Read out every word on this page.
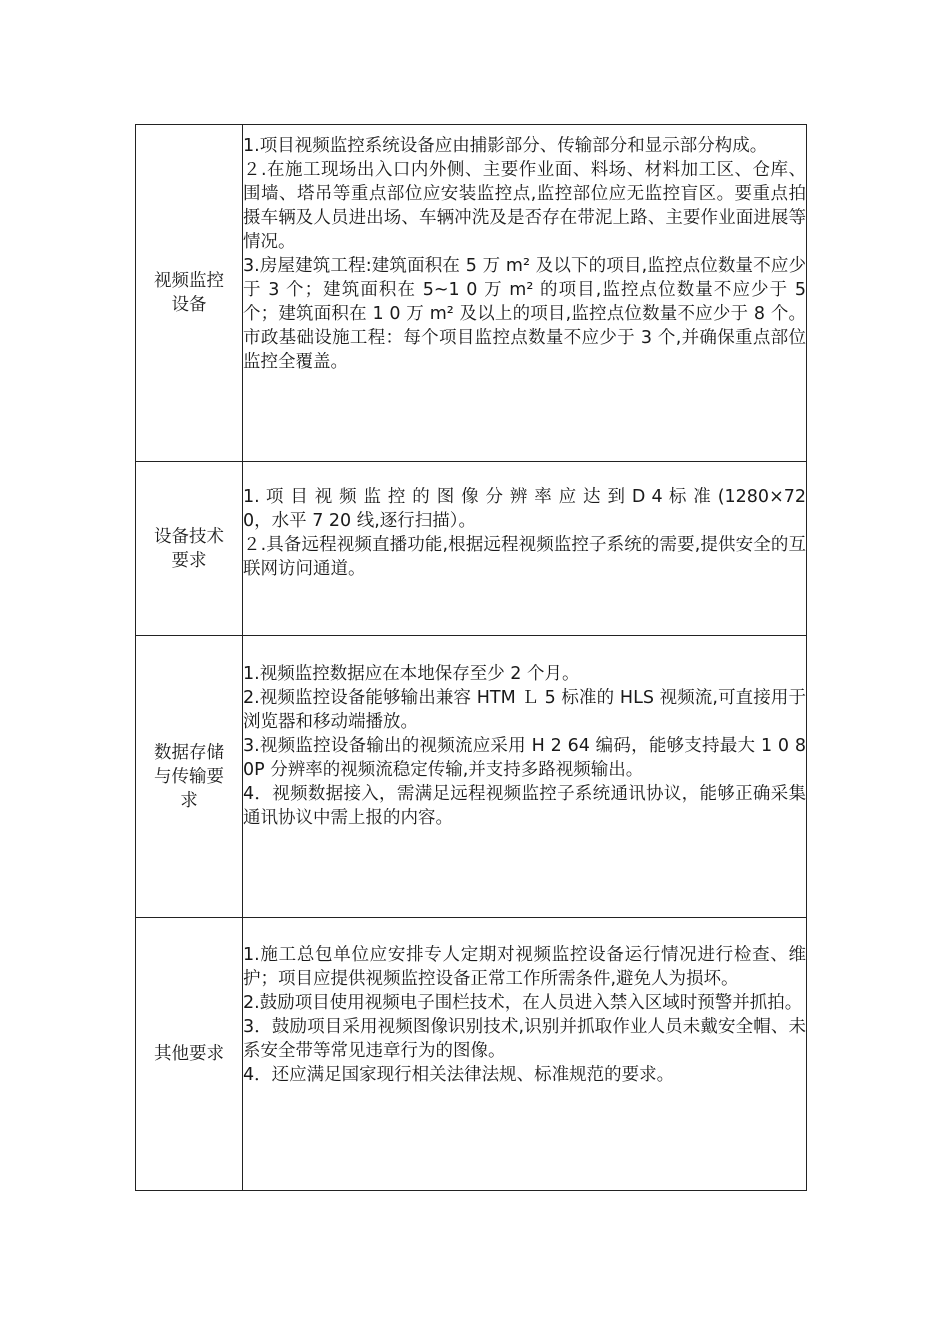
视频监控设备	1.项目视频监控系统设备应由捕影部分、传输部分和显示部分构成。

２.在施工现场出入口内外侧、主要作业面、料场、材料加工区、仓库、围墙、塔吊等重点部位应安装监控点,监控部位应无监控盲区。要重点拍摄车辆及人员进出场、车辆冲洗及是否存在带泥上路、主要作业面进展等情况。

3.房屋建筑工程:建筑面积在 5 万 m² 及以下的项目,监控点位数量不应少于 3 个；建筑面积在 5~1 0 万 m² 的项目,监控点位数量不应少于 5 个；建筑面积在 1 0 万 m² 及以上的项目,监控点位数量不应少于 8 个。市政基础设施工程：每个项目监控点数量不应少于 3 个,并确保重点部位监控全覆盖。

设备技术要求	1. 项 目 视 频 监 控 的 图 像 分 辨 率 应 达 到 D 4 标 准 (1280×720，水平 7 20 线,逐行扫描）。

２.具备远程视频直播功能,根据远程视频监控子系统的需要,提供安全的互联网访问通道。

数据存储与传输要求	1.视频监控数据应在本地保存至少 2 个月。

2.视频监控设备能够输出兼容 HTM Ｌ 5 标准的 HLS 视频流,可直接用于浏览器和移动端播放。

3.视频监控设备输出的视频流应采用 H 2 64 编码，能够支持最大 1 0 80P 分辨率的视频流稳定传输,并支持多路视频输出。

4．视频数据接入，需满足远程视频监控子系统通讯协议，能够正确采集通讯协议中需上报的内容。

其他要求	1.施工总包单位应安排专人定期对视频监控设备运行情况进行检查、维护；项目应提供视频监控设备正常工作所需条件,避免人为损坏。

2.鼓励项目使用视频电子围栏技术，在人员进入禁入区域时预警并抓拍。

3．鼓励项目采用视频图像识别技术,识别并抓取作业人员未戴安全帽、未系安全带等常见违章行为的图像。

4．还应满足国家现行相关法律法规、标准规范的要求。
